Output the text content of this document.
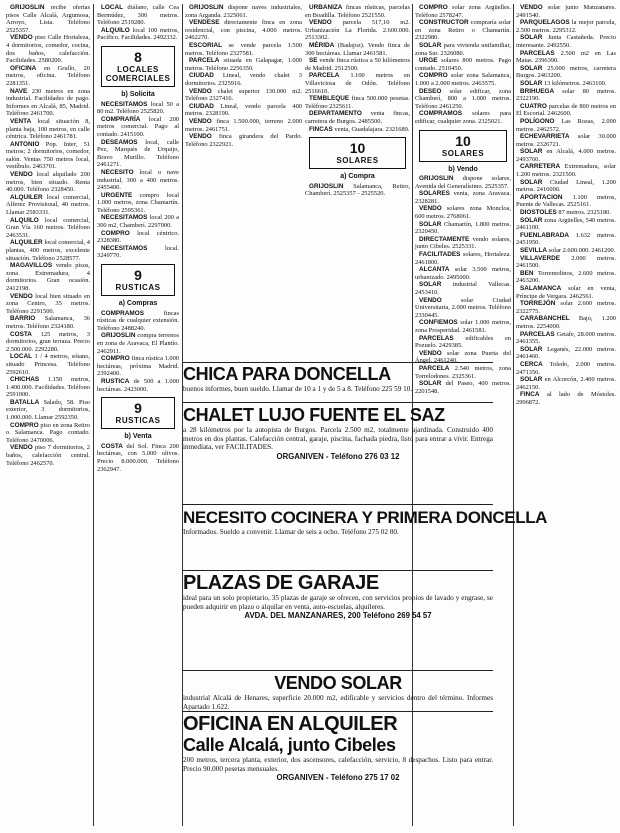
GRIJOSLIN recibe ofertas pisos Calle Alcalá, Argumosa, Arroyo, Lista. Teléfono 2525357.

VENDO piso Calle Hortaleza, 4 dormitorios, comedor, cocina, dos baños, calefacción. Facilidades. 2580200.

OFICINA en Grullo, 20 metros, oficina. Teléfono 2281351.

NAVE 230 metros en zona industrial. Facilidades de pago. Informes en Alcalá, 85, Madrid. Teléfono 2461700.

VENTA local situación 8, planta baja, 100 metros, en calle céntrica. Teléfono 2461781.

ANTONIO Pop. Inter, 51 metros; 2 dormitorios, comedor, salón. Ventas 750 metros local, vestíbulo. 2463701.

VENDO local alquilado 200 metros, bien situado. Renta 40.000. Teléfono 2328450.

ALQUILER local comercial, Alferez Provisional, 40 metros. Llamar 2583331.

ALQUILO local comercial, Gran Vía 160 metros. Teléfono 2463531.

ALQUILER local comercial, 4 plantas, 400 metros, excelente situación. Teléfono 2528577.

MAGAVILLOS vendo pisos, zona Extremadura, 4 dormitorios. Gran ocasión. 2412198.

VENDO local bien situado en zona Centro, 35 metros. Teléfono 2291500.

BARRIO Salamanca, 36 metros. Teléfono 2324180.

COSTA 125 metros, 3 dormitorios, gran terraza. Precio 2.500.000. 2292280.

LOCAL 1 / 4 metros, sótano, situado Princesa. Teléfono 2592610.

CHICHAS 1.150 metros, 1.400.000. Facilidades. Teléfono 2591000.

BATALLA Salado, 58. Piso exterior, 3 dormitorios, 1.000.000. Llamar 2592350.

COMPRO piso en zona Retiro o Salamanca. Pago contado. Teléfono 2470006.

VENDO piso 7 dormitorios, 2 baños, calefacción central. Teléfono 2462570.

LOCAL diáfano, calle Cea Bermúdez, 300 metros. Teléfono 2519280.

ALQUILO local 100 metros, Pacífico. Facilidades. 2492332.

8
LOCALES COMERCIALES
b) Solicita

NECESITAMOS local 50 a 80 m2. Teléfono 2525820.

COMPRARÍA local 200 metros comercial. Pago al contado. 2415100.

DESEAMOS local, calle Pez, Marqués de Urquijo, Bravo Murillo. Teléfono 2461271.

NECESITO local o nave industrial, 300 a 400 metros. 2455400.

URGENTE compro local 1.000 metros, zona Chamartín. Teléfono 2595361.

NECESITAMOS local 200 a 300 m2, Chamberí. 2297000.

COMPRO local céntrico. 2328380.

NECESITAMOS	local. 3249770.

9
RUSTICAS
a) Compras

COMPRAMOS	fincas rústicas de cualquier extensión. Teléfono 2488240.

GRIJOSLIN compra terrenos en zona de Aravaca, El Plantío. 2462911.

COMPRO finca rústica 1.000 hectáreas, próxima Madrid. 2392400.

RUSTICA de 500 a 1.000 hectáreas. 2423000.

9
RUSTICAS
b) Venta

COSTA del Sol. Finca 200 hectáreas, con 5.000 olivos. Precio 8.000.000. Teléfono 2362947.

GRIJOSLIN dispone naves industriales, zona Arganda. 2325061.

VENDESE directamente finca en zona residencial, con piscina, 4.000 metros. 2462270.

ESCORIAL se vende parcela 1.500 metros. Teléfono 2327581.

PARCELA situada en Galapagar, 1.000 metros. Teléfono 2256350.

CIUDAD Lineal, vendo chalet 3 dormitorios. 2325916.

VENDO chalet superior 130.000 m2. Teléfono 2327416.

CIUDAD Lineal, vendo parcela 400 metros. 2328190.

VENDO finca 1.500.000, terreno 2.000 metros. 2461751.

VENDO finca girandera del Pardo. Teléfono 2322921.

URBANIZA fincas rústicas, parcelas en Boadilla. Teléfono 2521550.

VENDO parcela 517,10 m2. Urbanización La Florida. 2.600.000. 2513302.

MÉRIDA (Badajoz). Vendo finca de 300 hectáreas. Llamar 2461581.

SE vende finca rústica a 50 kilómetros de Madrid. 2512500.

PARCELA 1.100 metros en Villaviciosa de Odón. Teléfono 2516610.

TEMBLEQUE finca 500.000 pesetas. Teléfono 2325611.

DEPARTAMENTO venta fincas, carretera de Burgos. 2485500.

FINCAS venta, Guadalajara. 2321689.

10
SOLARES
a) Compra

GRIJOSLIN Salamanca, Retiro, Chamberí. 2525357 - 2525520.

COMPRO solar zona Argüelles. Teléfono 2578247.

CONSTRUCTOR compraría solar en zona Retiro o Chamartín. 2322980.

SOLAR para vivienda unifamiliar, zona Sur. 2326080.

URGE solares 800 metros. Pago contado. 2510450.

COMPRO solar zona Salamanca, 1.000 a 2.000 metros. 2463575.

DESEO solar edificar, zona Chamberí, 800 a 1.000 metros. Teléfono 2461250.

COMPRAMOS solares para edificar, cualquier zona. 2325021.

10
SOLARES
b) Vendo

GRIJOSLIN dispone solares, Avenida del Generalísimo. 2525357.

SOLARES venta, zona Aravaca. 2328281.

VENDO solares zona Moncloa, 600 metros. 2768061.

SOLAR Chamartín, 1.800 metros. 2320450.

DIRECTAMENTE vendo solares, junto Cibeles. 2525331.

FACILITADES solares, Hortaleza. 2461800.

ALCANTA solar 3.500 metros, urbanizado. 2495000.

SOLAR industrial Vallecas. 2453410.

VENDO	solar Ciudad Universitaria, 2.000 metros. Teléfono 2330445.

CONFIEMOS solar 1.000 metros, zona Prosperidad. 2461581.

PARCELAS edificables en Pozuelo. 2429385.

VENDO solar zona Puerta del Ángel. 2461240.

PARCELA 2.540 metros, zona Torrelodones. 2325361.

SOLAR del Paseo, 400 metros. 2201548.

VENDO solar junto Manzanares. 2491540.

PARQUELAGOS la mejor parcela, 2.500 metros. 2295312.

SOLAR Junta Castañeda. Precio interesante. 2492550.

PARCELAS 2.500 m2 en Las Matas. 2396390.

SOLAR 25.000 metros, carretera Burgos. 2463200.

SOLAR 13 kilómetros. 2463100.

BRIHUEGA solar 80 metros. 2322190.

CUATRO parcelas de 800 metros en El Escorial. 2462600.

POLÍGONO Las Rozas, 2.000 metros. 2462572.

ECHEVARRIETA solar 30.000 metros. 2326721.

SOLAR en Alcalá, 4.000 metros. 2493760.

CARRETERA Extremadura, solar 1.200 metros. 2321500.

SOLAR Ciudad Lineal, 1.200 metros. 2416000.

APORTACION 1.100 metros, Puente de Vallecas. 2525161.

DIOSTOLES 87 metros. 2325180.

SOLAR zona Argüelles, 540 metros. 2461100.

FUENLABRADA 1.632 metros. 2451950.

SEVILLA solar 2.600.000. 2461200.

VILLAVERDE 2.000 metros. 2461500.

BEN Torremolinos, 2.600 metros. 2463200.

SALAMANCA solar en venta, Príncipe de Vergara. 2462561.

TORREJÓN solar 2.600 metros. 2322775.

CARABANCHEL Bajo, 1.200 metros. 2254000.

PARCELAS Getafe, 28.000 metros. 2461355.

SOLAR Leganés, 22.000 metros. 2461460.

CERCA Toledo, 2.000 metros. 2471356.

SOLAR en Alcorcón, 2.400 metros. 2462150.

FINCA al lado de Móstoles. 2996872.

CHICA PARA DONCELLA
buenos informes, buen sueldo. Llamar de 10 a 1 y de 5 a 8. Teléfono 225 59 10.
CHALET LUJO FUENTE EL SAZ
a 28 kilómetros por la autopista de Burgos. Parcela 2.500 m2, totalmente ajardinada. Construido 400 metros en dos plantas. Calefacción central, garaje, piscina, fachada piedra, listo para entrar a vivir. Entrega inmediata, ver FACILITADES.
ORGANIVEN - Teléfono 276 03 12
NECESITO COCINERA Y PRIMERA DONCELLA
Informados. Sueldo a convenir. Llamar de seis a ocho. Teléfono 275 02 80.
PLAZAS DE GARAJE
ideal para un solo propietario, 35 plazas de garaje se ofrecen, con servicios propios de lavado y engrase, se pueden adquirir en plazo o alquilar en venta, auto-escuelas, alquileres.
AVDA. DEL MANZANARES, 200 Teléfono 269 54 57
VENDO SOLAR
industrial Alcalá de Henares, superficie 20.000 m2, edificable y servicios dentro del término. Informes Apartado 1.622.
OFICINA EN ALQUILER
Calle Alcalá, junto Cibeles
200 metros, tercera planta, exterior, dos ascensores, calefacción, servicio, 8 despachos. Listo para entrar. Precio 90.000 pesetas mensuales.
ORGANIVEN - Teléfono 275 17 02
